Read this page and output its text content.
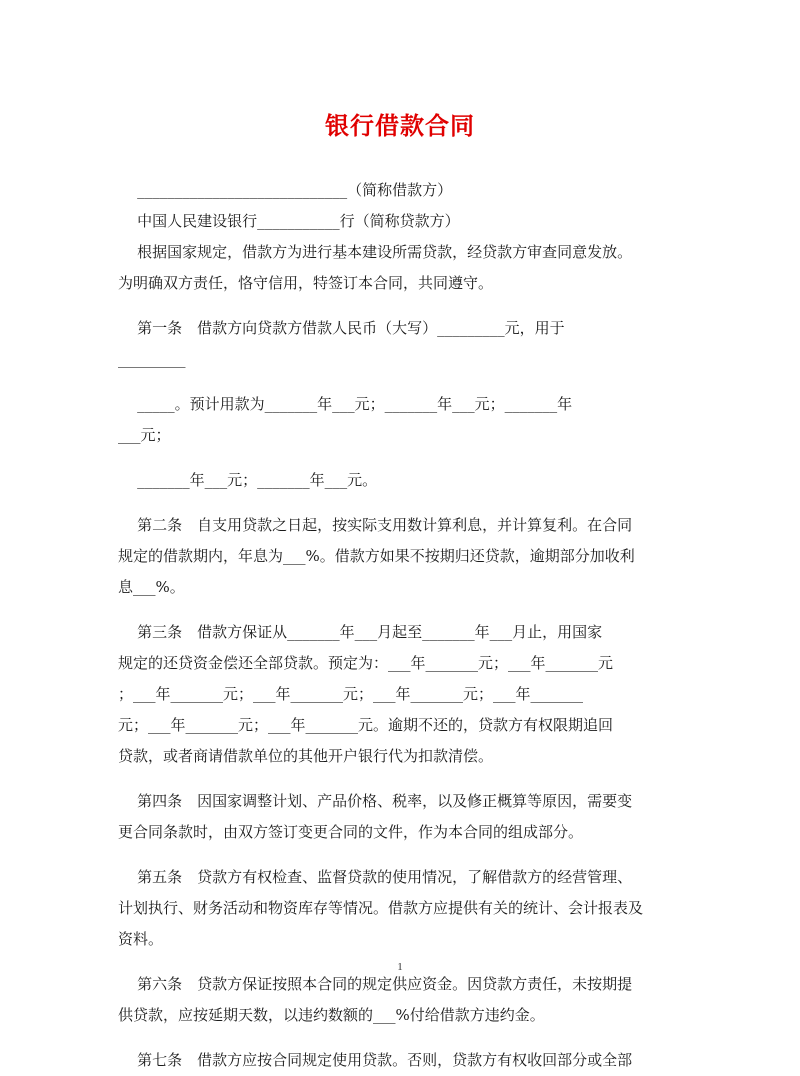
银行借款合同
____________________________（简称借款方）
中国人民建设银行___________行（简称贷款方）
根据国家规定，借款方为进行基本建设所需贷款，经贷款方审查同意发放。
为明确双方责任，恪守信用，特签订本合同，共同遵守。
第一条　借款方向贷款方借款人民币（大写）_________元，用于
_________
_____。预计用款为_______年___元；_______年___元；_______年
___元；
_______年___元；_______年___元。
第二条　自支用贷款之日起，按实际支用数计算利息，并计算复利。在合同
规定的借款期内，年息为___%。借款方如果不按期归还贷款，逾期部分加收利
息___%。
第三条　借款方保证从_______年___月起至_______年___月止，用国家
规定的还贷资金偿还全部贷款。预定为：___年_______元；___年_______元
；___年_______元；___年_______元；___年_______元；___年_______
元；___年_______元；___年_______元。逾期不还的，贷款方有权限期追回
贷款，或者商请借款单位的其他开户银行代为扣款清偿。
第四条　因国家调整计划、产品价格、税率，以及修正概算等原因，需要变
更合同条款时，由双方签订变更合同的文件，作为本合同的组成部分。
第五条　贷款方有权检查、监督贷款的使用情况，了解借款方的经营管理、
计划执行、财务活动和物资库存等情况。借款方应提供有关的统计、会计报表及
资料。
第六条　贷款方保证按照本合同的规定供应资金。因贷款方责任，未按期提
供贷款，应按延期天数，以违约数额的___%付给借款方违约金。
第七条　借款方应按合同规定使用贷款。否则，贷款方有权收回部分或全部
1
